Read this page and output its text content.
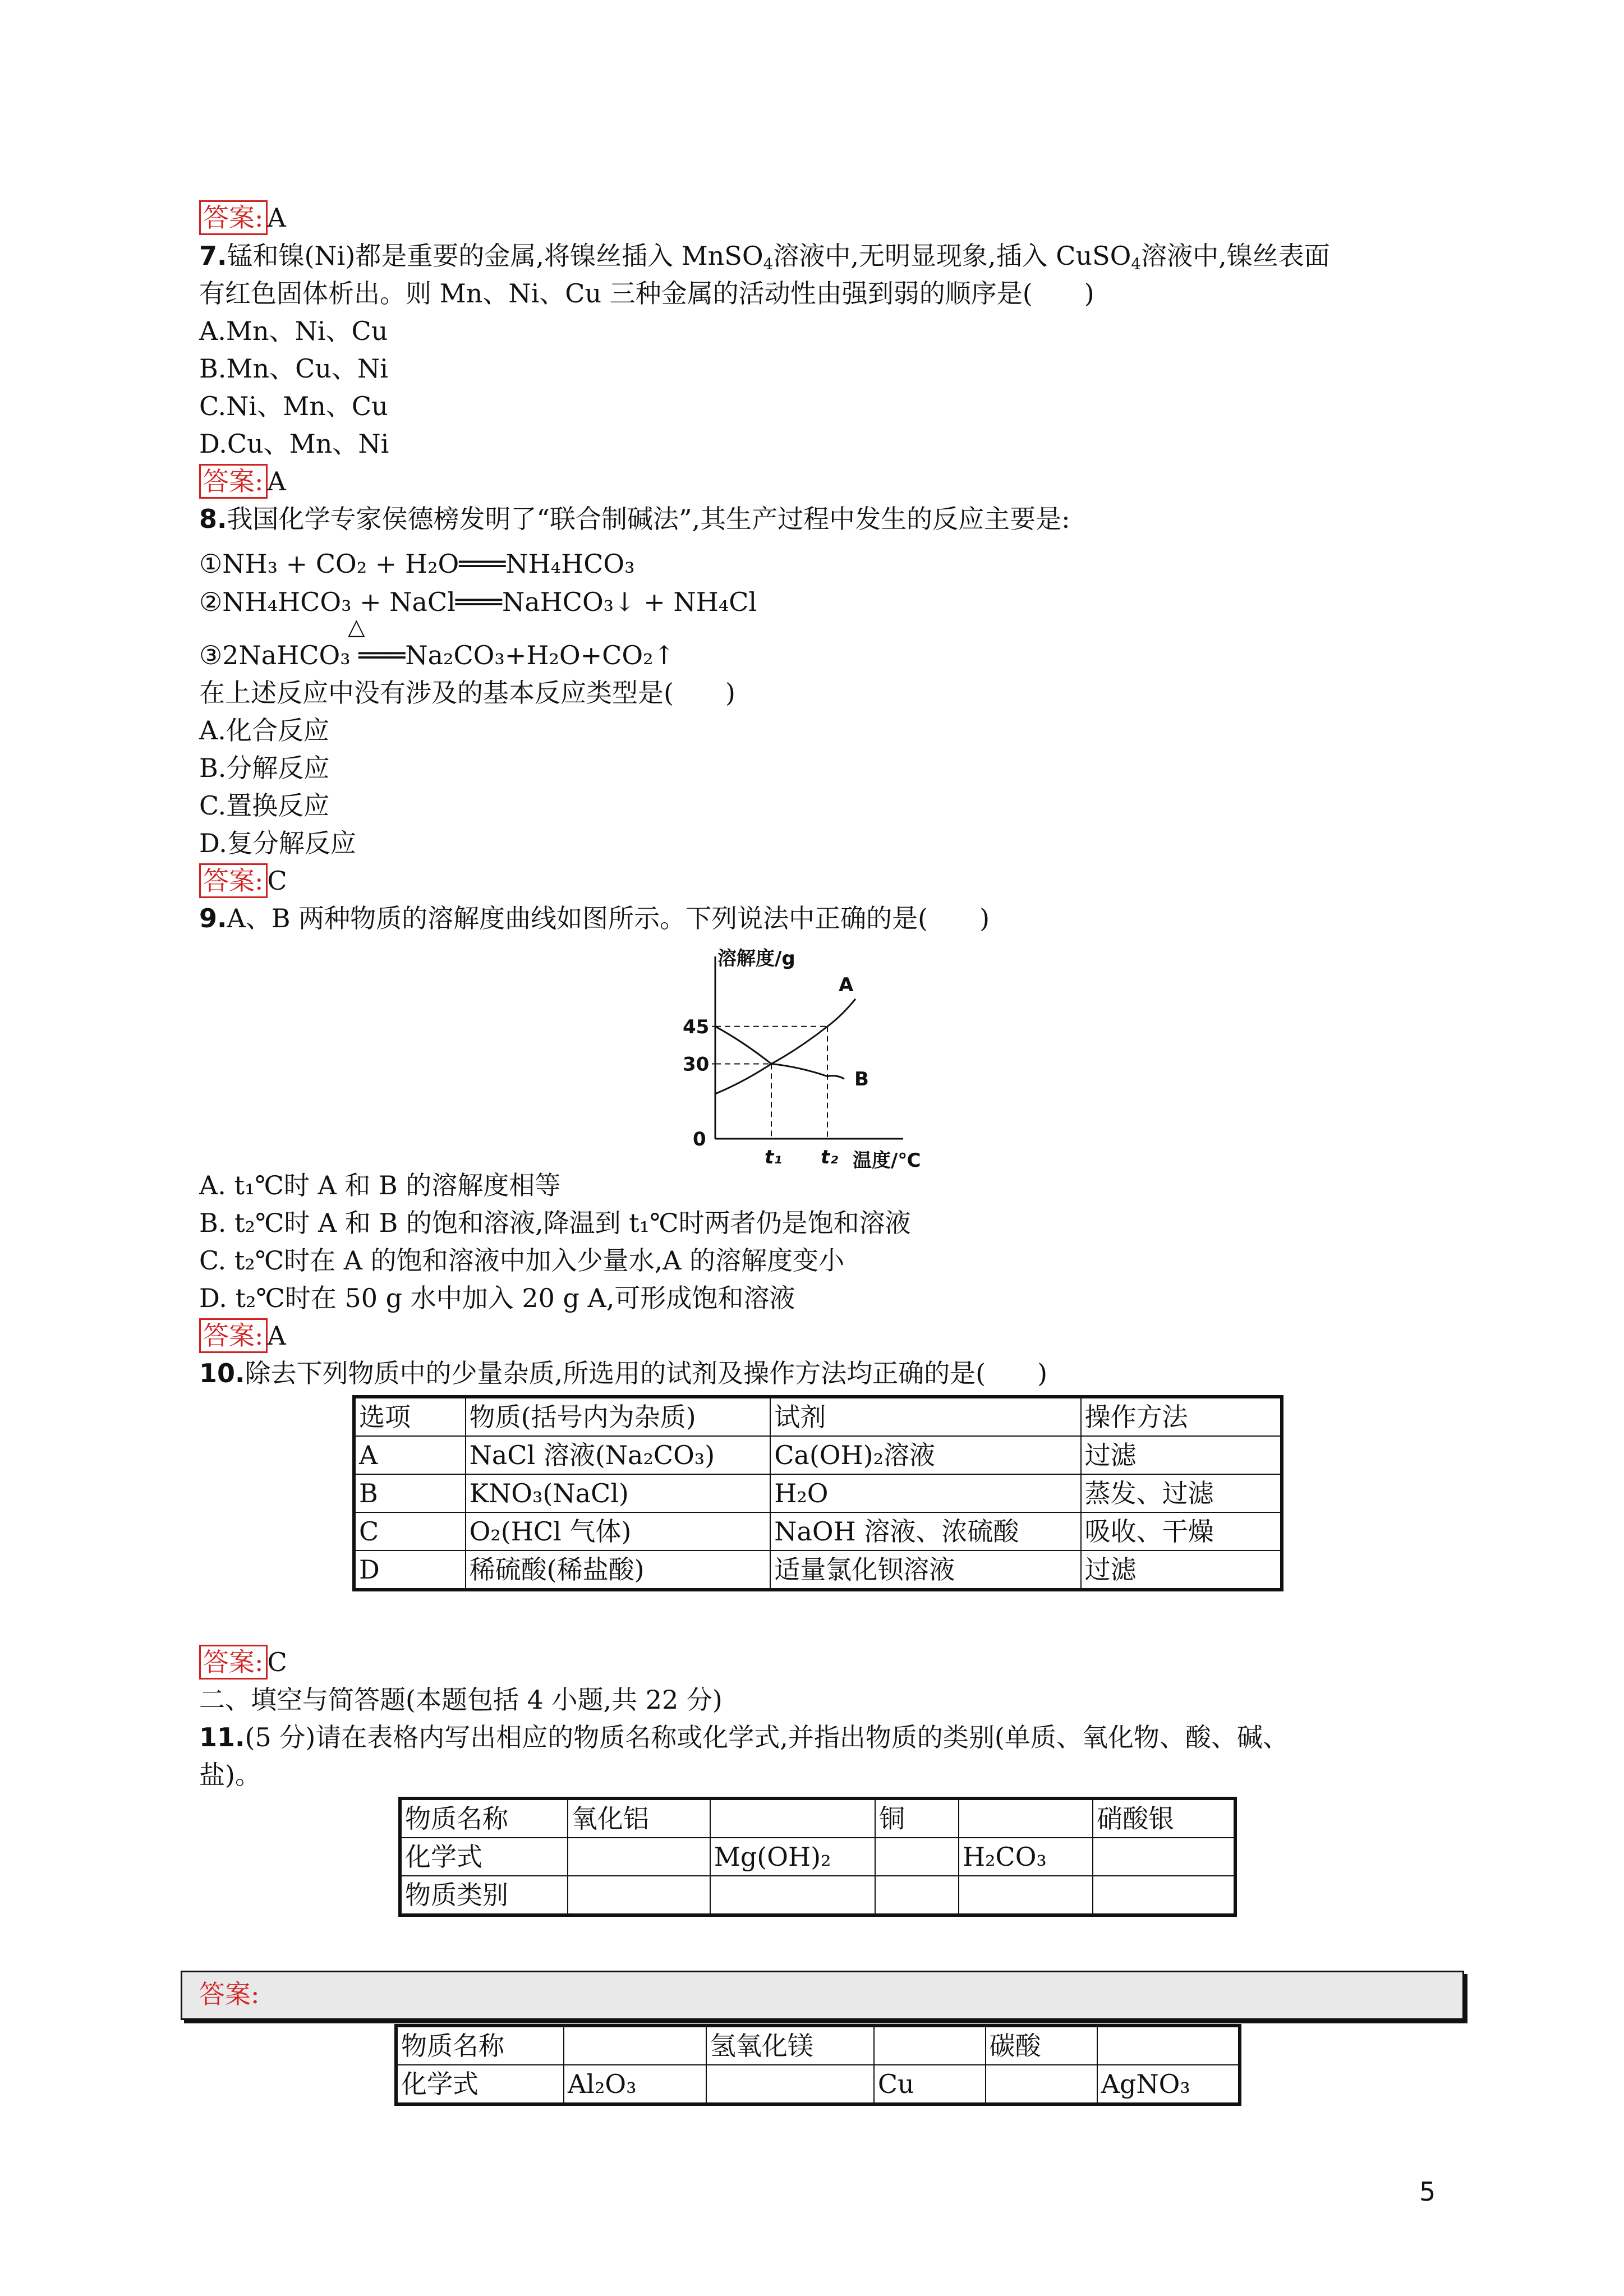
答案: A
7.锰和镍(Ni)都是重要的金属,将镍丝插入 MnSO$_4$溶液中,无明显现象,插入 CuSO$_4$溶液中,镍丝表面
有红色固体析出。则 Mn、Ni、Cu 三种金属的活动性由强到弱的顺序是(　　)
A.Mn、Ni、Cu
B.Mn、Cu、Ni
C.Ni、Mn、Cu
D.Cu、Mn、Ni
答案: A
8.我国化学专家侯德榜发明了“联合制碱法”,其生产过程中发生的反应主要是:
①NH₃ + CO₂ + H₂O═══NH₄HCO₃
②NH₄HCO₃ + NaCl═══NaHCO₃↓ + NH₄Cl
△
③2NaHCO₃ ═══Na₂CO₃+H₂O+CO₂↑
在上述反应中没有涉及的基本反应类型是(　　)
A.化合反应
B.分解反应
C.置换反应
D.复分解反应
答案: C
9.A、B 两种物质的溶解度曲线如图所示。下列说法中正确的是(　　)
溶解度/g
温度/℃
0
30
45
t₁ t₂
A
B
A. t₁℃时 A 和 B 的溶解度相等
B. t₂℃时 A 和 B 的饱和溶液,降温到 t₁℃时两者仍是饱和溶液
C. t₂℃时在 A 的饱和溶液中加入少量水,A 的溶解度变小
D. t₂℃时在 50 g 水中加入 20 g A,可形成饱和溶液
答案: A
10.除去下列物质中的少量杂质,所选用的试剂及操作方法均正确的是(　　)
选项	物质(括号内为杂质)	试剂	操作方法
A	NaCl 溶液(Na₂CO₃)	Ca(OH)₂溶液	过滤
B	KNO₃(NaCl)	H₂O	蒸发、过滤
C	O₂(HCl 气体)	NaOH 溶液、浓硫酸	吸收、干燥
D	稀硫酸(稀盐酸)	适量氯化钡溶液	过滤
答案: C
二、填空与简答题(本题包括 4 小题,共 22 分)
11.(5 分)请在表格内写出相应的物质名称或化学式,并指出物质的类别(单质、氧化物、酸、碱、
盐)。
物质名称	氧化铝		铜		硝酸银
化学式		Mg(OH)₂		H₂CO₃	
物质类别					
答案:
物质名称		氢氧化镁		碳酸	
化学式	Al₂O₃		Cu		AgNO₃
5
